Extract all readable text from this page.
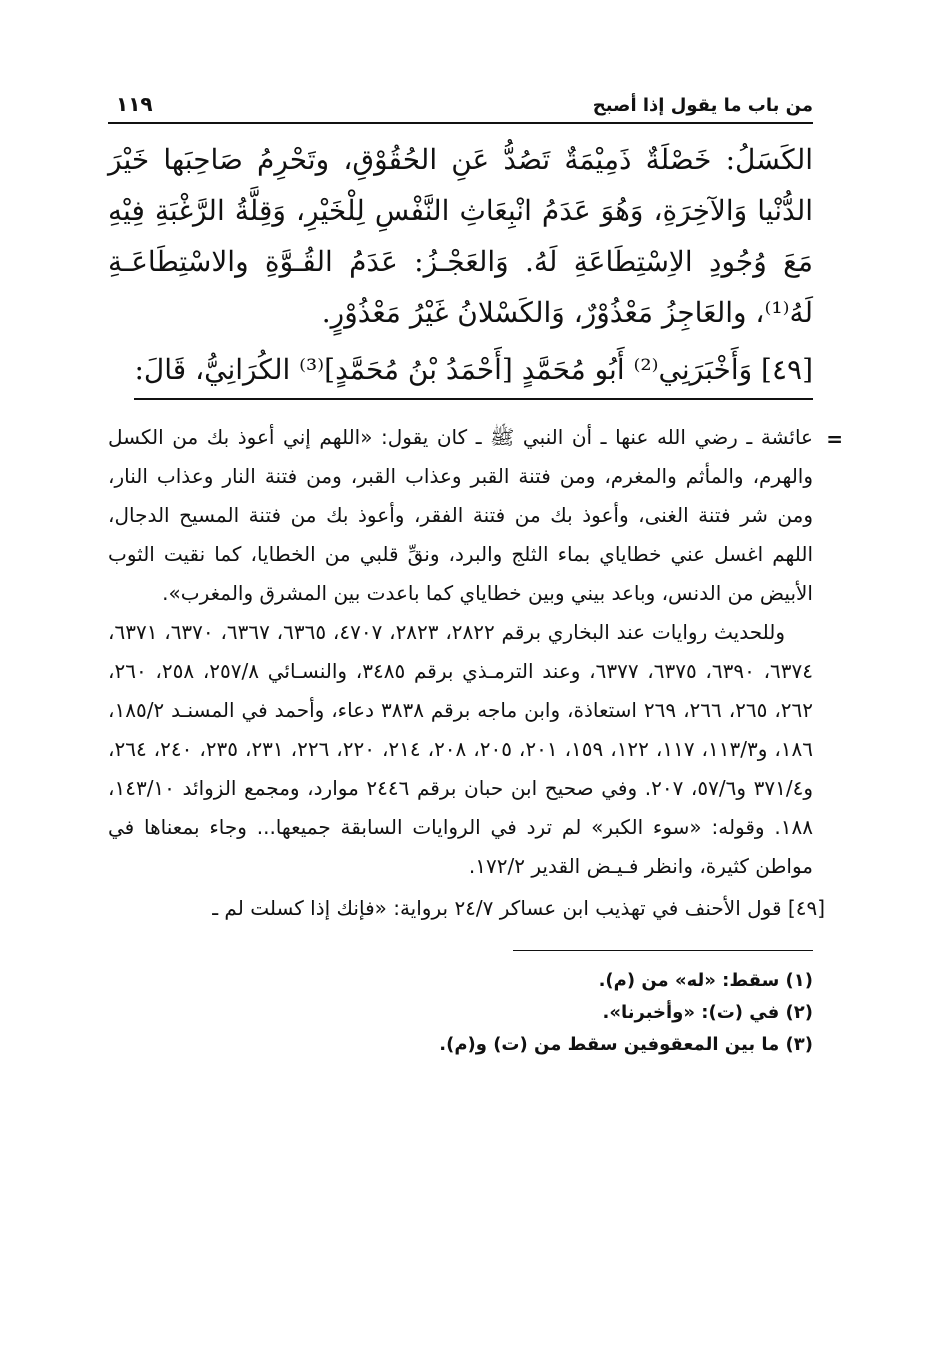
من باب ما يقول إذا أصبح
١١٩

الكَسَلُ: خَصْلَةٌ ذَمِيْمَةٌ تَصُدُّ عَنِ الحُقُوْقِ، وتَحْرِمُ صَاحِبَها خَيْرَ الدُّنْيا وَالآخِرَةِ، وَهُوَ عَدَمُ انْبِعَاثِ النَّفْسِ لِلْخَيْرِ، وَقِلَّةُ الرَّغْبَةِ فِيْهِ مَعَ وُجُودِ الاِسْتِطَاعَةِ لَهُ. وَالعَجْـزُ: عَدَمُ القُـوَّةِ والاسْتِطَاعَـةِ لَهُ⁽¹⁾، والعَاجِزُ مَعْذُوْرٌ، وَالكَسْلانُ غَيْرُ مَعْذُوْرٍ.

[٤٩] وَأَخْبَرَنِي⁽²⁾ أَبُو مُحَمَّدٍ [أَحْمَدُ بْنُ مُحَمَّدٍ]⁽³⁾ الكُرَانِيُّ، قَالَ:
=

عائشة ـ رضي الله عنها ـ أن النبي ﷺ ـ كان يقول: «اللهم إني أعوذ بك من الكسل والهرم، والمأثم والمغرم، ومن فتنة القبر وعذاب القبر، ومن فتنة النار وعذاب النار، ومن شر فتنة الغنى، وأعوذ بك من فتنة الفقر، وأعوذ بك من فتنة المسيح الدجال، اللهم اغسل عني خطاياي بماء الثلج والبرد، ونقِّ قلبي من الخطايا، كما نقيت الثوب الأبيض من الدنس، وباعد بيني وبين خطاياي كما باعدت بين المشرق والمغرب».

وللحديث روايات عند البخاري برقم ٢٨٢٢، ٢٨٢٣، ٤٧٠٧، ٦٣٦٥، ٦٣٦٧، ٦٣٧٠، ٦٣٧١، ٦٣٧٤، ٦٣٩٠، ٦٣٧٥، ٦٣٧٧، وعند الترمـذي برقم ٣٤٨٥، والنسـائي ٢٥٧/٨، ٢٥٨، ٢٦٠، ٢٦٢، ٢٦٥، ٢٦٦، ٢٦٩ استعاذة، وابن ماجه برقم ٣٨٣٨ دعاء، وأحمد في المسنـد ١٨٥/٢، ١٨٦، و١١٣/٣، ١١٧، ١٢٢، ١٥٩، ٢٠١، ٢٠٥، ٢٠٨، ٢١٤، ٢٢٠، ٢٢٦، ٢٣١، ٢٣٥، ٢٤٠، ٢٦٤، و٣٧١/٤ و٥٧/٦، ٢٠٧. وفي صحيح ابن حبان برقم ٢٤٤٦ موارد، ومجمع الزوائد ١٤٣/١٠، ١٨٨. وقوله: «سوء الكبر» لم ترد في الروايات السابقة جميعها... وجاء بمعناها في مواطن كثيرة، وانظر فـيـض القدير ١٧٢/٢.

[٤٩] قول الأحنف في تهذيب ابن عساكر ٢٤/٧ برواية: «فإنك إذا كسلت لم ـ
(١) سقط: «له» من (م).
(٢) في (ت): «وأخبرنا».
(٣) ما بين المعقوفين سقط من (ت) و(م).
